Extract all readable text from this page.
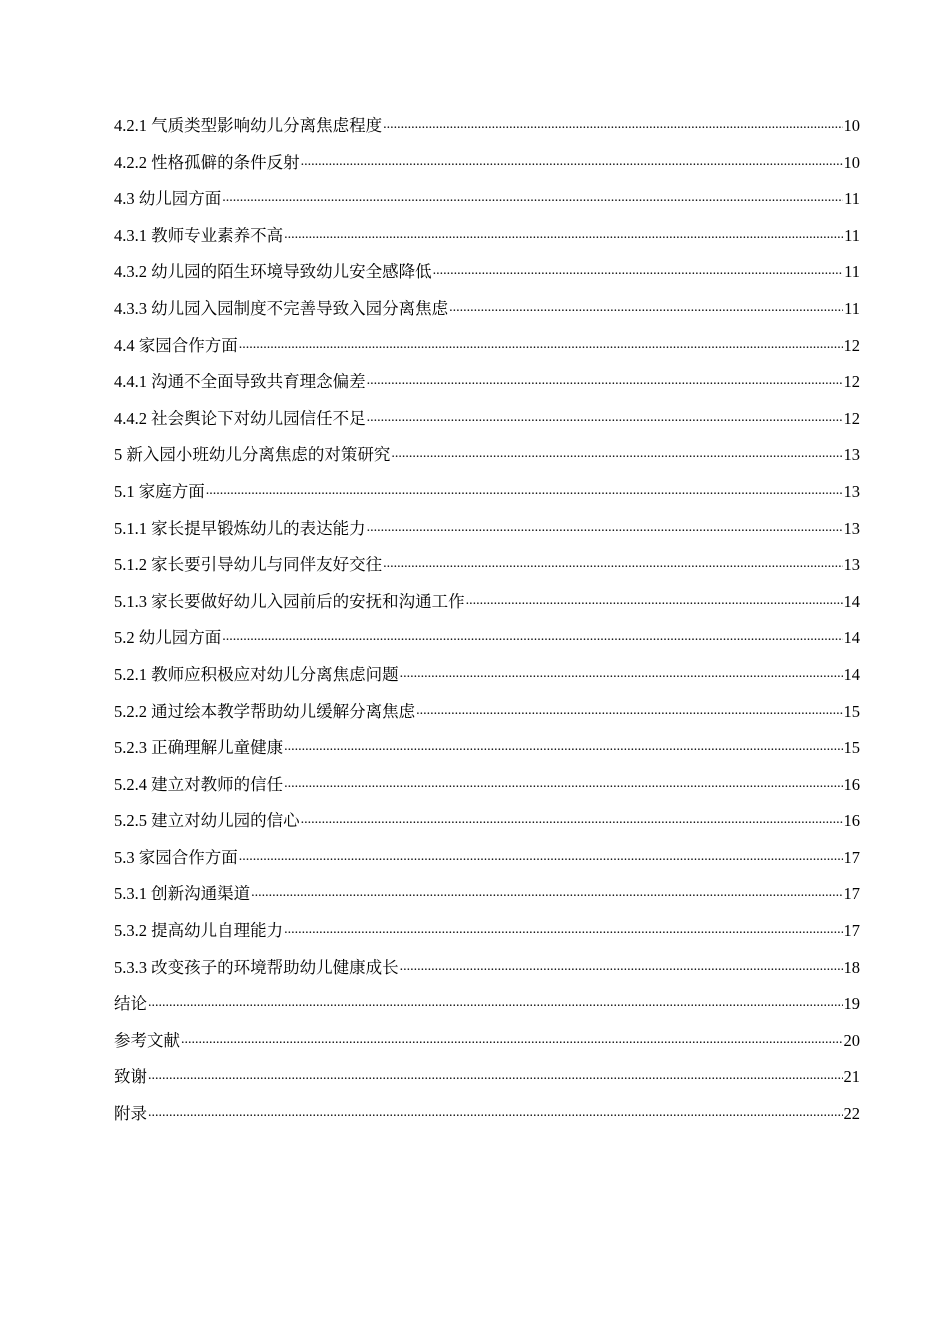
4.2.1 气质类型影响幼儿分离焦虑程度 .....	10
4.2.2 性格孤僻的条件反射 .....	10
4.3 幼儿园方面 .....	11
4.3.1 教师专业素养不高 .....	11
4.3.2 幼儿园的陌生环境导致幼儿安全感降低 .....	11
4.3.3 幼儿园入园制度不完善导致入园分离焦虑 .....	11
4.4 家园合作方面 .....	12
4.4.1 沟通不全面导致共育理念偏差 .....	12
4.4.2 社会舆论下对幼儿园信任不足 .....	12
5 新入园小班幼儿分离焦虑的对策研究 .....	13
5.1 家庭方面 .....	13
5.1.1 家长提早锻炼幼儿的表达能力 .....	13
5.1.2 家长要引导幼儿与同伴友好交往 .....	13
5.1.3 家长要做好幼儿入园前后的安抚和沟通工作 .....	14
5.2 幼儿园方面 .....	14
5.2.1 教师应积极应对幼儿分离焦虑问题 .....	14
5.2.2 通过绘本教学帮助幼儿缓解分离焦虑 .....	15
5.2.3 正确理解儿童健康 .....	15
5.2.4 建立对教师的信任 .....	16
5.2.5 建立对幼儿园的信心 .....	16
5.3 家园合作方面 .....	17
5.3.1 创新沟通渠道 .....	17
5.3.2 提高幼儿自理能力 .....	17
5.3.3 改变孩子的环境帮助幼儿健康成长 .....	18
结论 .....	19
参考文献 .....	20
致谢 .....	21
附录 .....	22
